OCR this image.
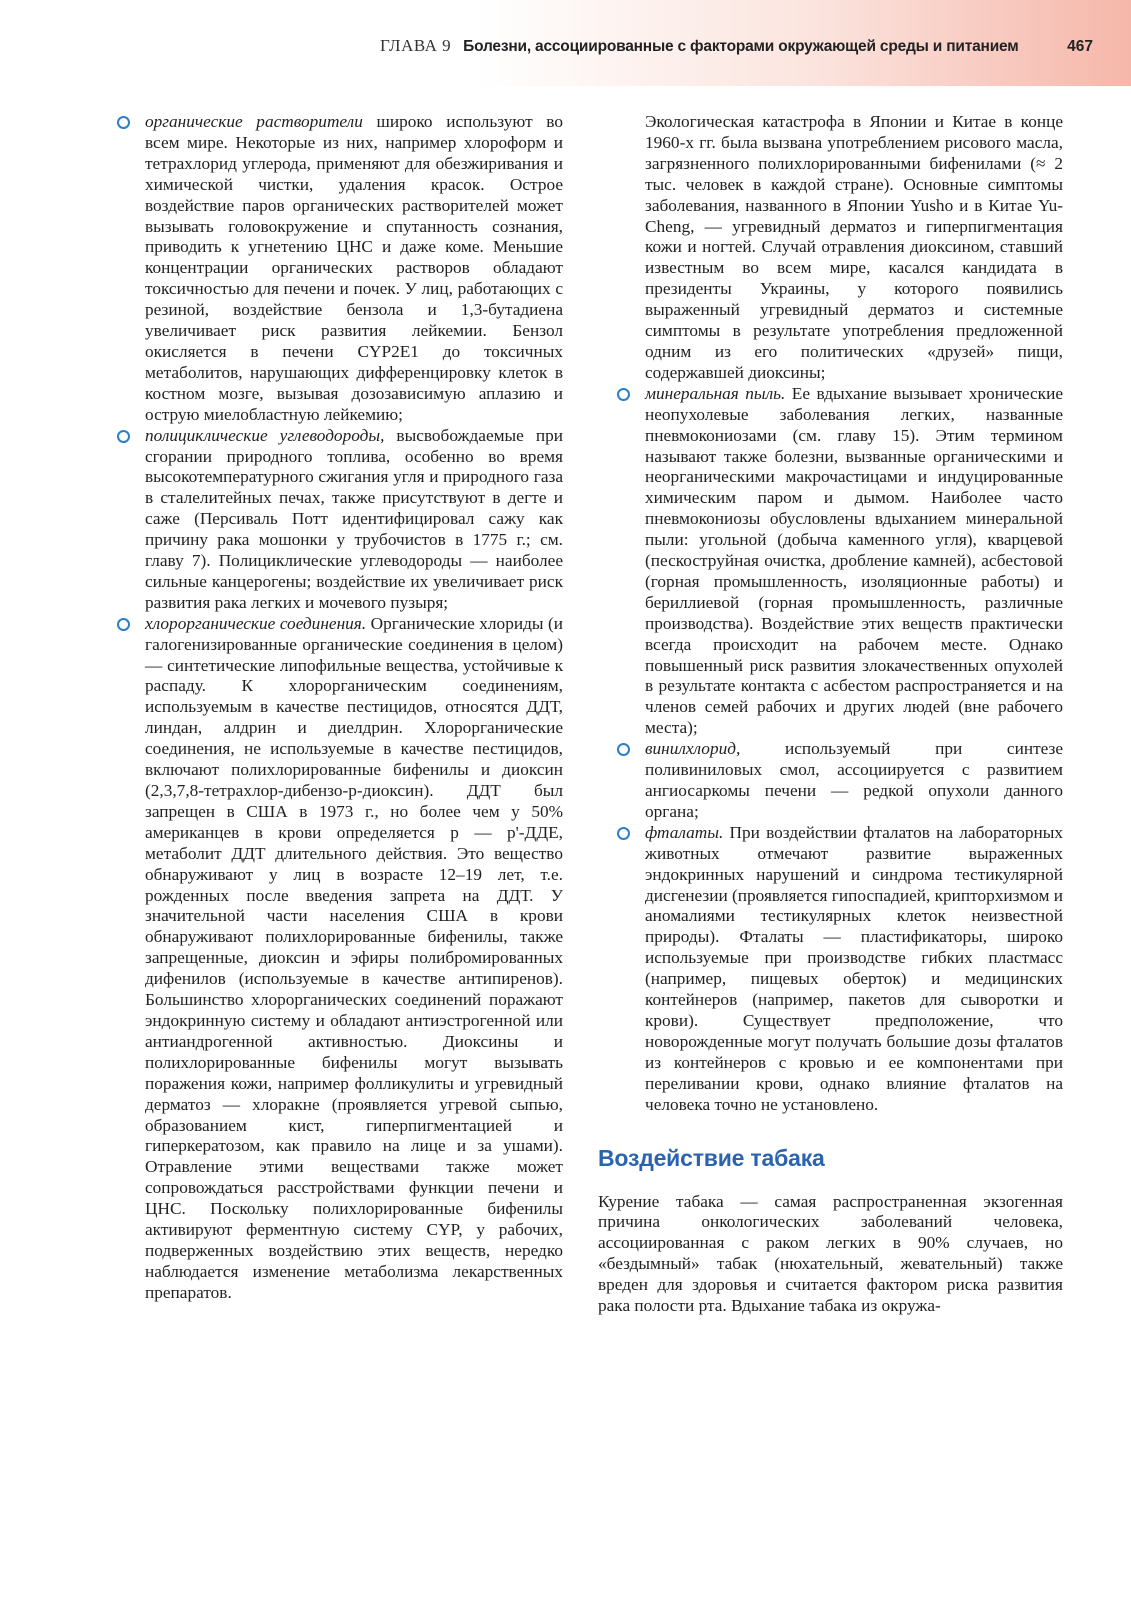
ГЛАВА 9 Болезни, ассоциированные с факторами окружающей среды и питанием	467
органические растворители широко используют во всем мире. Некоторые из них, например хлороформ и тетрахлорид углерода, применяют для обезжиривания и химической чистки, удаления красок. Острое воздействие паров органических растворителей может вызывать головокружение и спутанность сознания, приводить к угнетению ЦНС и даже коме. Меньшие концентрации органических растворов обладают токсичностью для печени и почек. У лиц, работающих с резиной, воздействие бензола и 1,3-бутадиена увеличивает риск развития лейкемии. Бензол окисляется в печени CYP2E1 до токсичных метаболитов, нарушающих дифференцировку клеток в костном мозге, вызывая дозозависимую аплазию и острую миелобластную лейкемию;
полициклические углеводороды, высвобождаемые при сгорании природного топлива, особенно во время высокотемпературного сжигания угля и природного газа в сталелитейных печах, также присутствуют в дегте и саже (Персиваль Потт идентифицировал сажу как причину рака мошонки у трубочистов в 1775 г.; см. главу 7). Полициклические углеводороды — наиболее сильные канцерогены; воздействие их увеличивает риск развития рака легких и мочевого пузыря;
хлорорганические соединения. Органические хлориды (и галогенизированные органические соединения в целом) — синтетические липофильные вещества, устойчивые к распаду. К хлорорганическим соединениям, используемым в качестве пестицидов, относятся ДДТ, линдан, алдрин и диелдрин. Хлорорганические соединения, не используемые в качестве пестицидов, включают полихлорированные бифенилы и диоксин (2,3,7,8-тетрахлор-дибензо-p-диоксин). ДДТ был запрещен в США в 1973 г., но более чем у 50% американцев в крови определяется p — p'-ДДЕ, метаболит ДДТ длительного действия. Это вещество обнаруживают у лиц в возрасте 12–19 лет, т.е. рожденных после введения запрета на ДДТ. У значительной части населения США в крови обнаруживают полихлорированные бифенилы, также запрещенные, диоксин и эфиры полибромированных дифенилов (используемые в качестве антипиренов). Большинство хлорорганических соединений поражают эндокринную систему и обладают антиэстрогенной или антиандрогенной активностью. Диоксины и полихлорированные бифенилы могут вызывать поражения кожи, например фолликулиты и угревидный дерматоз — хлоракне (проявляется угревой сыпью, образованием кист, гиперпигментацией и гиперкератозом, как правило на лице и за ушами). Отравление этими веществами также может сопровождаться расстройствами функции печени и ЦНС. Поскольку полихлорированные бифенилы активируют ферментную систему CYP, у рабочих, подверженных воздействию этих веществ, нередко наблюдается изменение метаболизма лекарственных препаратов.

Экологическая катастрофа в Японии и Китае в конце 1960-х гг. была вызвана употреблением рисового масла, загрязненного полихлорированными бифенилами (≈ 2 тыс. человек в каждой стране). Основные симптомы заболевания, названного в Японии Yusho и в Китае Yu-Cheng, — угревидный дерматоз и гиперпигментация кожи и ногтей. Случай отравления диоксином, ставший известным во всем мире, касался кандидата в президенты Украины, у которого появились выраженный угревидный дерматоз и системные симптомы в результате употребления предложенной одним из его политических «друзей» пищи, содержавшей диоксины;

минеральная пыль. Ее вдыхание вызывает хронические неопухолевые заболевания легких, названные пневмокониозами (см. главу 15). Этим термином называют также болезни, вызванные органическими и неорганическими макрочастицами и индуцированные химическим паром и дымом. Наиболее часто пневмокониозы обусловлены вдыханием минеральной пыли: угольной (добыча каменного угля), кварцевой (пескоструйная очистка, дробление камней), асбестовой (горная промышленность, изоляционные работы) и бериллиевой (горная промышленность, различные производства). Воздействие этих веществ практически всегда происходит на рабочем месте. Однако повышенный риск развития злокачественных опухолей в результате контакта с асбестом распространяется и на членов семей рабочих и других людей (вне рабочего места);
винилхлорид, используемый при синтезе поливиниловых смол, ассоциируется с развитием ангиосаркомы печени — редкой опухоли данного органа;
фталаты. При воздействии фталатов на лабораторных животных отмечают развитие выраженных эндокринных нарушений и синдрома тестикулярной дисгенезии (проявляется гипоспадией, крипторхизмом и аномалиями тестикулярных клеток неизвестной природы). Фталаты — пластификаторы, широко используемые при производстве гибких пластмасс (например, пищевых оберток) и медицинских контейнеров (например, пакетов для сыворотки и крови). Существует предположение, что новорожденные могут получать большие дозы фталатов из контейнеров с кровью и ее компонентами при переливании крови, однако влияние фталатов на человека точно не установлено.
Воздействие табака

Курение табака — самая распространенная экзогенная причина онкологических заболеваний человека, ассоциированная с раком легких в 90% случаев, но «бездымный» табак (нюхательный, жевательный) также вреден для здоровья и считается фактором риска развития рака полости рта. Вдыхание табака из окружа-
